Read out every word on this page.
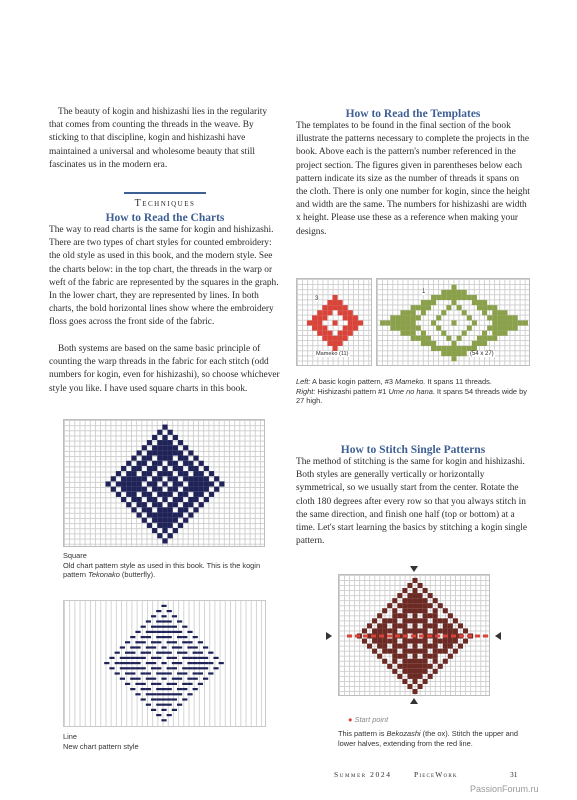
The beauty of kogin and hishizashi lies in the regularity that comes from counting the threads in the weave. By sticking to that discipline, kogin and hishizashi have maintained a universal and wholesome beauty that still fascinates us in the modern era.

Techniques
How to Read the Charts

The way to read charts is the same for kogin and hishizashi. There are two types of chart styles for counted embroidery: the old style as used in this book, and the modern style. See the charts below: in the top chart, the threads in the warp or weft of the fabric are represented by the squares in the graph. In the lower chart, they are represented by lines. In both charts, the bold horizontal lines show where the embroidery floss goes across the front side of the fabric.

Both systems are based on the same basic principle of counting the warp threads in the fabric for each stitch (odd numbers for kogin, even for hishizashi), so choose whichever style you like. I have used square charts in this book.

Square
Old chart pattern style as used in this book. This is the kogin pattern Tekonako (butterfly).
Line
New chart pattern style
How to Read the Templates

The templates to be found in the final section of the book illustrate the patterns necessary to complete the projects in the book. Above each is the pattern's number referenced in the project section. The figures given in parentheses below each pattern indicate its size as the number of threads it spans on the cloth. There is only one number for kogin, since the height and width are the same. The numbers for hishizashi are width x height. Please use these as a reference when making your designs.

3
Mameko (11)
1
(54 x 27)
Left: A basic kogin pattern, #3 Mameko. It spans 11 threads.
Right: Hishizashi pattern #1 Ume no hana. It spans 54 threads wide by 27 high.
How to Stitch Single Patterns

The method of stitching is the same for kogin and hishizashi. Both styles are generally vertically or horizontally symmetrical, so we usually start from the center. Rotate the cloth 180 degrees after every row so that you always stitch in the same direction, and finish one half (top or bottom) at a time. Let's start learning the basics by stitching a kogin single pattern.

● Start point
This pattern is Bekozashi (the ox). Stitch the upper and lower halves, extending from the red line.
Summer 2024	PieceWork	31
PassionForum.ru
